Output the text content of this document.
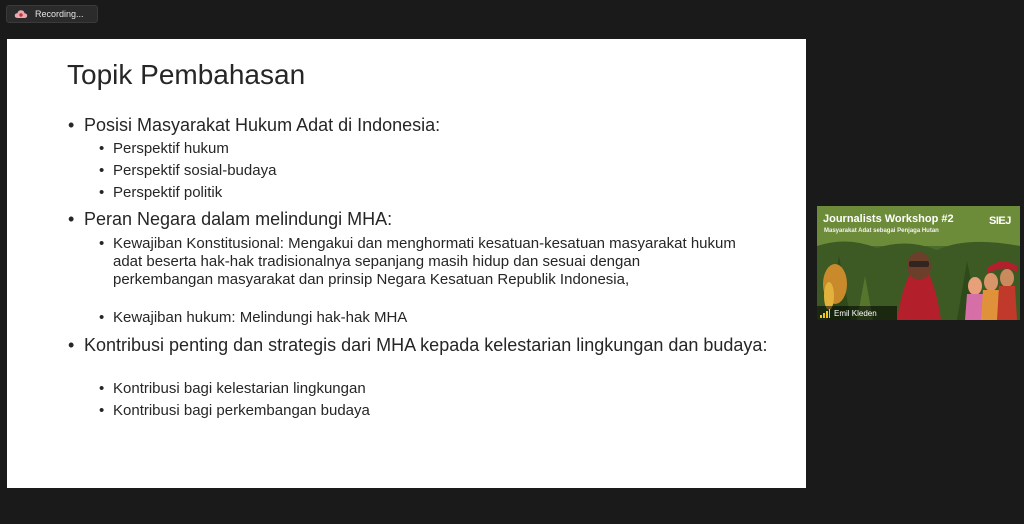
Recording...
Topik Pembahasan
• Posisi Masyarakat Hukum Adat di Indonesia:
• Perspektif hukum
• Perspektif sosial-budaya
• Perspektif politik
• Peran Negara dalam melindungi MHA:
• Kewajiban Konstitusional: Mengakui dan menghormati kesatuan-kesatuan masyarakat hukum adat beserta hak-hak tradisionalnya sepanjang masih hidup dan sesuai dengan perkembangan masyarakat dan prinsip Negara Kesatuan Republik Indonesia,
• Kewajiban hukum: Melindungi hak-hak MHA
• Kontribusi penting dan strategis dari MHA kepada kelestarian lingkungan dan budaya:
• Kontribusi bagi kelestarian lingkungan
• Kontribusi bagi perkembangan budaya
Journalists Workshop #2
Masyarakat Adat sebagai Penjaga Hutan
SIEJ
Emil Kleden
